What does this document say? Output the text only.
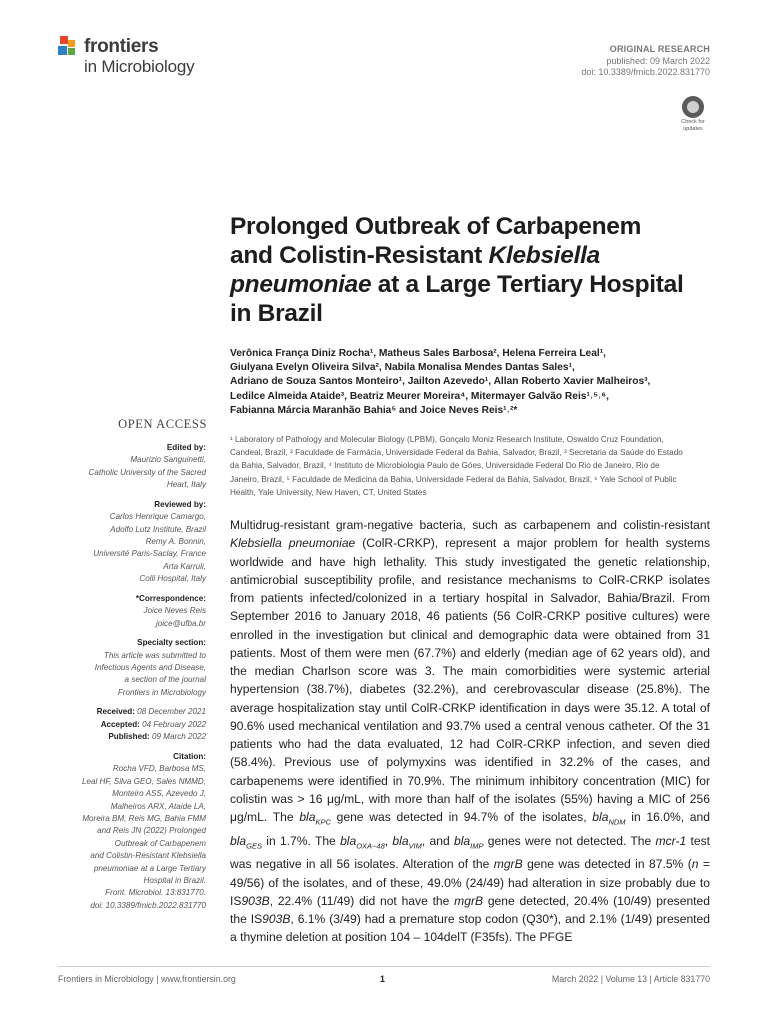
frontiers
in Microbiology
ORIGINAL RESEARCH
published: 09 March 2022
doi: 10.3389/fmicb.2022.831770
Check for
updates
Prolonged Outbreak of Carbapenem and Colistin-Resistant Klebsiella pneumoniae at a Large Tertiary Hospital in Brazil
Verônica França Diniz Rocha¹, Matheus Sales Barbosa², Helena Ferreira Leal¹,
Giulyana Evelyn Oliveira Silva², Nabila Monalisa Mendes Dantas Sales¹,
Adriano de Souza Santos Monteiro¹, Jailton Azevedo¹, Allan Roberto Xavier Malheiros³,
Ledilce Almeida Ataide³, Beatriz Meurer Moreira⁴, Mitermayer Galvão Reis¹˒⁵˒⁶,
Fabianna Márcia Maranhão Bahia⁵ and Joice Neves Reis¹˒²*
¹ Laboratory of Pathology and Molecular Biology (LPBM), Gonçalo Moniz Research Institute, Oswaldo Cruz Foundation,
Candeal, Brazil, ² Faculdade de Farmácia, Universidade Federal da Bahia, Salvador, Brazil, ³ Secretaria da Saúde do Estado
da Bahia, Salvador, Brazil, ⁴ Instituto de Microbiologia Paulo de Góes, Universidade Federal Do Rio de Janeiro, Rio de
Janeiro, Brazil, ⁵ Faculdade de Medicina da Bahia, Universidade Federal da Bahia, Salvador, Brazil, ⁶ Yale School of Public
Health, Yale University, New Haven, CT, United States
Multidrug-resistant gram-negative bacteria, such as carbapenem and colistin-resistant Klebsiella pneumoniae (ColR-CRKP), represent a major problem for health systems worldwide and have high lethality. This study investigated the genetic relationship, antimicrobial susceptibility profile, and resistance mechanisms to ColR-CRKP isolates from patients infected/colonized in a tertiary hospital in Salvador, Bahia/Brazil. From September 2016 to January 2018, 46 patients (56 ColR-CRKP positive cultures) were enrolled in the investigation but clinical and demographic data were obtained from 31 patients. Most of them were men (67.7%) and elderly (median age of 62 years old), and the median Charlson score was 3. The main comorbidities were systemic arterial hypertension (38.7%), diabetes (32.2%), and cerebrovascular disease (25.8%). The average hospitalization stay until ColR-CRKP identification in days were 35.12. A total of 90.6% used mechanical ventilation and 93.7% used a central venous catheter. Of the 31 patients who had the data evaluated, 12 had ColR-CRKP infection, and seven died (58.4%). Previous use of polymyxins was identified in 32.2% of the cases, and carbapenems were identified in 70.9%. The minimum inhibitory concentration (MIC) for colistin was > 16 μg/mL, with more than half of the isolates (55%) having a MIC of 256 μg/mL. The bla$_{KPC}$ gene was detected in 94.7% of the isolates, bla$_{NDM}$ in 16.0%, and bla$_{GES}$ in 1.7%. The bla$_{OXA-48}$, bla$_{VIM}$, and bla$_{IMP}$ genes were not detected. The mcr-1 test was negative in all 56 isolates. Alteration of the mgrB gene was detected in 87.5% (n = 49/56) of the isolates, and of these, 49.0% (24/49) had alteration in size probably due to IS903B, 22.4% (11/49) did not have the mgrB gene detected, 20.4% (10/49) presented the IS903B, 6.1% (3/49) had a premature stop codon (Q30*), and 2.1% (1/49) presented a thymine deletion at position 104 – 104delT (F35fs). The PFGE
OPEN ACCESS
Edited by:
Maurizio Sanguinetti,
Catholic University of the Sacred
Heart, Italy
Reviewed by:
Carlos Henrique Camargo,
Adolfo Lutz Institute, Brazil
Remy A. Bonnin,
Université Paris-Saclay, France
Arta Karruli,
Colli Hospital, Italy
*Correspondence:
Joice Neves Reis
joice@ufba.br
Specialty section:
This article was submitted to
Infectious Agents and Disease,
a section of the journal
Frontiers in Microbiology
Received: 08 December 2021
Accepted: 04 February 2022
Published: 09 March 2022
Citation:
Rocha VFD, Barbosa MS,
Leal HF, Silva GEO, Sales NMMD,
Monteiro ASS, Azevedo J,
Malheiros ARX, Ataide LA,
Moreira BM, Reis MG, Bahia FMM
and Reis JN (2022) Prolonged
Outbreak of Carbapenem
and Colistin-Resistant Klebsiella
pneumoniae at a Large Tertiary
Hospital in Brazil.
Front. Microbiol. 13:831770.
doi: 10.3389/fmicb.2022.831770
Frontiers in Microbiology | www.frontiersin.org	1	March 2022 | Volume 13 | Article 831770
